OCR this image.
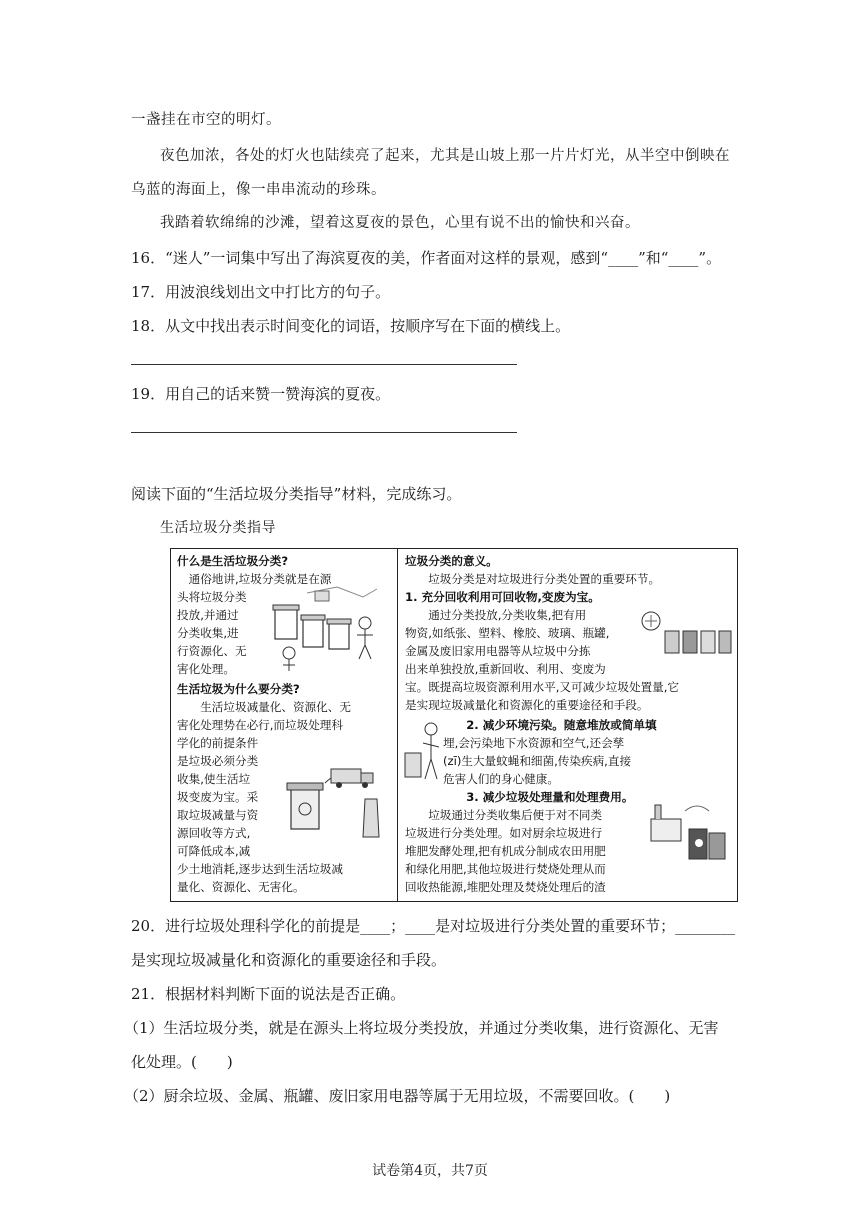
一盏挂在市空的明灯。
夜色加浓，各处的灯火也陆续亮了起来，尤其是山坡上那一片片灯光，从半空中倒映在
乌蓝的海面上，像一串串流动的珍珠。
我踏着软绵绵的沙滩，望着这夏夜的景色，心里有说不出的愉快和兴奋。
16．“迷人”一词集中写出了海滨夏夜的美，作者面对这样的景观，感到“____”和“____”。
17．用波浪线划出文中打比方的句子。
18．从文中找出表示时间变化的词语，按顺序写在下面的横线上。
19．用自己的话来赞一赞海滨的夏夜。
阅读下面的“生活垃圾分类指导”材料，完成练习。
生活垃圾分类指导
什么是生活垃圾分类?
　通俗地讲,垃圾分类就是在源
头将垃圾分类
投放,并通过
分类收集,进
行资源化、无
害化处理。
生活垃圾为什么要分类?
　　生活垃圾减量化、资源化、无
害化处理势在必行,而垃圾处理科
学化的前提条件
是垃圾必须分类
收集,使生活垃
圾变废为宝。采
取垃圾减量与资
源回收等方式,
可降低成本,减
少土地消耗,逐步达到生活垃圾减
量化、资源化、无害化。
垃圾分类的意义。
　　垃圾分类是对垃圾进行分类处置的重要环节。
1. 充分回收利用可回收物,变废为宝。
　　通过分类投放,分类收集,把有用
物资,如纸张、塑料、橡胶、玻璃、瓶罐,
金属及废旧家用电器等从垃圾中分拣
出来单独投放,重新回收、利用、变废为
宝。既提高垃圾资源利用水平,又可减少垃圾处置量,它
是实现垃圾减量化和资源化的重要途径和手段。
　　2. 减少环境污染。随意堆放或简单填
埋,会污染地下水资源和空气,还会孳
(zī)生大量蚊蝇和细菌,传染疾病,直接
危害人们的身心健康。
　　3. 减少垃圾处理量和处理费用。
　　垃圾通过分类收集后便于对不同类
垃圾进行分类处理。如对厨余垃圾进行
堆肥发酵处理,把有机成分制成农田用肥
和绿化用肥,其他垃圾进行焚烧处理从而
回收热能源,堆肥处理及焚烧处理后的渣
20．进行垃圾处理科学化的前提是____；____是对垃圾进行分类处置的重要环节；________
是实现垃圾减量化和资源化的重要途径和手段。
21．根据材料判断下面的说法是否正确。
（1）生活垃圾分类，就是在源头上将垃圾分类投放，并通过分类收集，进行资源化、无害
化处理。(　　)
（2）厨余垃圾、金属、瓶罐、废旧家用电器等属于无用垃圾，不需要回收。(　　)
试卷第4页，共7页
